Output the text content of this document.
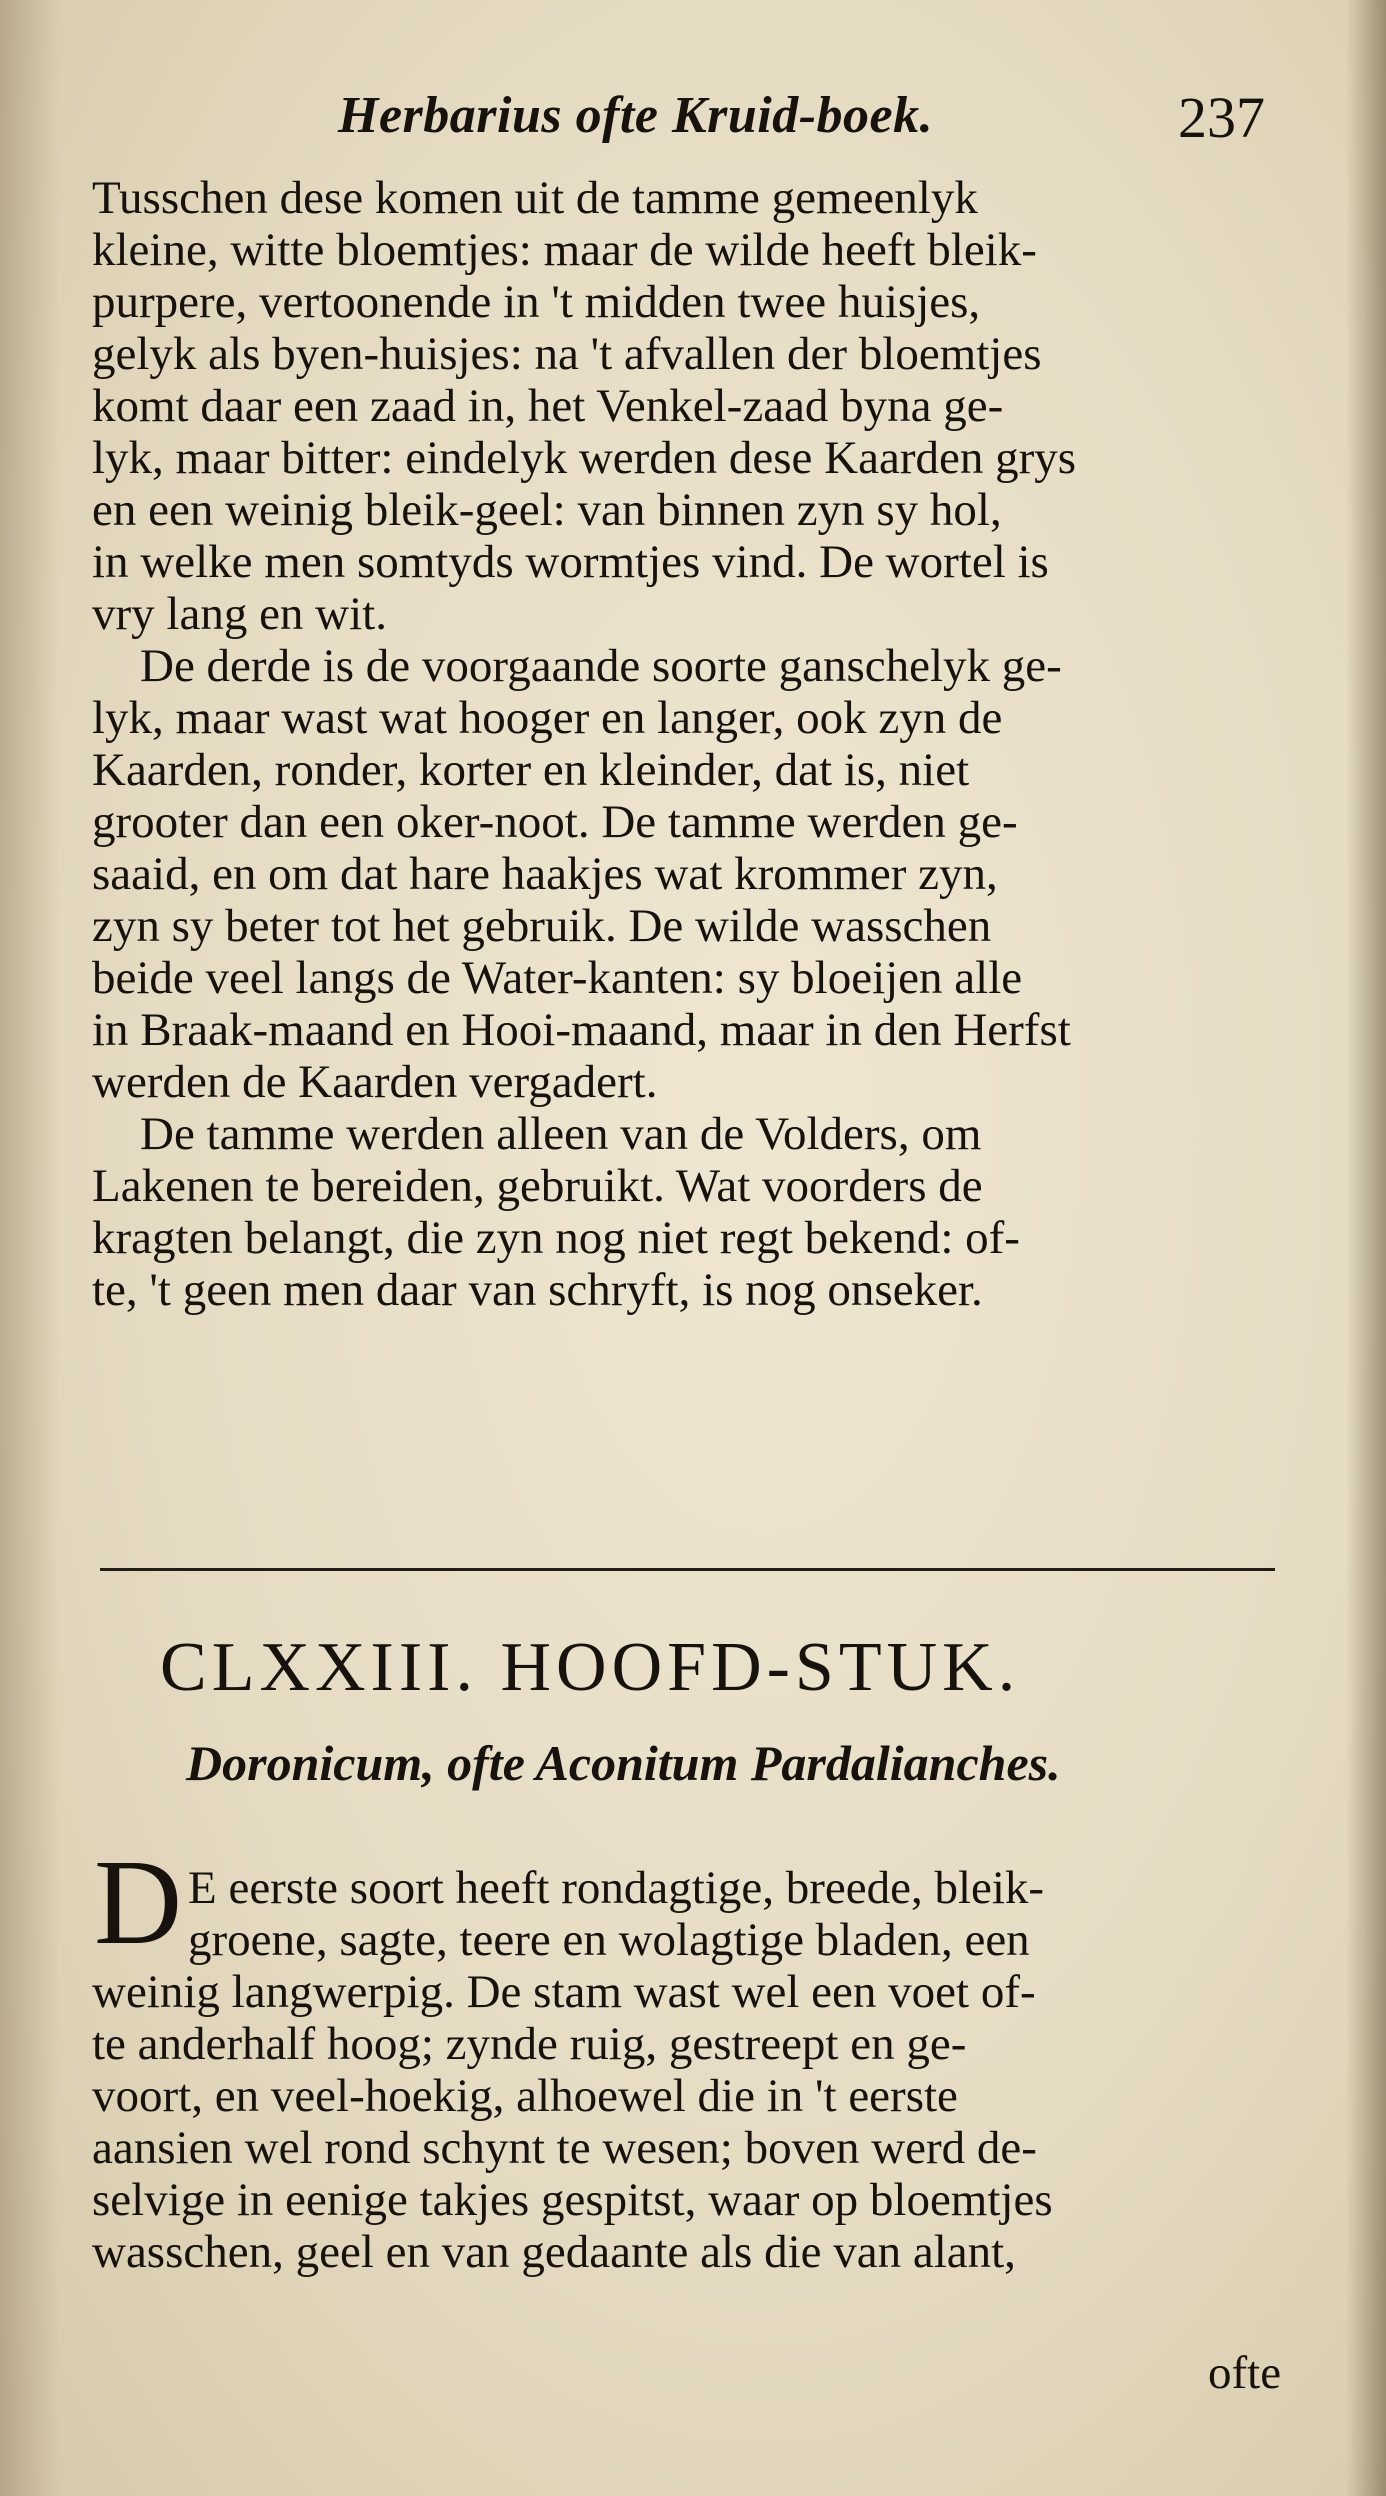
Herbarius ofte Kruid-boek.	237
Tusschen dese komen uit de tamme gemeenlyk
kleine, witte bloemtjes: maar de wilde heeft bleik-
purpere, vertoonende in 't midden twee huisjes,
gelyk als byen-huisjes: na 't afvallen der bloemtjes
komt daar een zaad in, het Venkel-zaad byna ge-
lyk, maar bitter: eindelyk werden dese Kaarden grys
en een weinig bleik-geel: van binnen zyn sy hol,
in welke men somtyds wormtjes vind. De wortel is
vry lang en wit.
De derde is de voorgaande soorte ganschelyk ge-
lyk, maar wast wat hooger en langer, ook zyn de
Kaarden, ronder, korter en kleinder, dat is, niet
grooter dan een oker-noot. De tamme werden ge-
saaid, en om dat hare haakjes wat krommer zyn,
zyn sy beter tot het gebruik. De wilde wasschen
beide veel langs de Water-kanten: sy bloeijen alle
in Braak-maand en Hooi-maand, maar in den Herfst
werden de Kaarden vergadert.
De tamme werden alleen van de Volders, om
Lakenen te bereiden, gebruikt. Wat voorders de
kragten belangt, die zyn nog niet regt bekend: of-
te, 't geen men daar van schryft, is nog onseker.
CLXXIII. HOOFD-STUK.
Doronicum, ofte Aconitum Pardalianches.
D E eerste soort heeft rondagtige, breede, bleik-
groene, sagte, teere en wolagtige bladen, een
weinig langwerpig. De stam wast wel een voet of-
te anderhalf hoog; zynde ruig, gestreept en ge-
voort, en veel-hoekig, alhoewel die in 't eerste
aansien wel rond schynt te wesen; boven werd de-
selvige in eenige takjes gespitst, waar op bloemtjes
wasschen, geel en van gedaante als die van alant,
ofte
